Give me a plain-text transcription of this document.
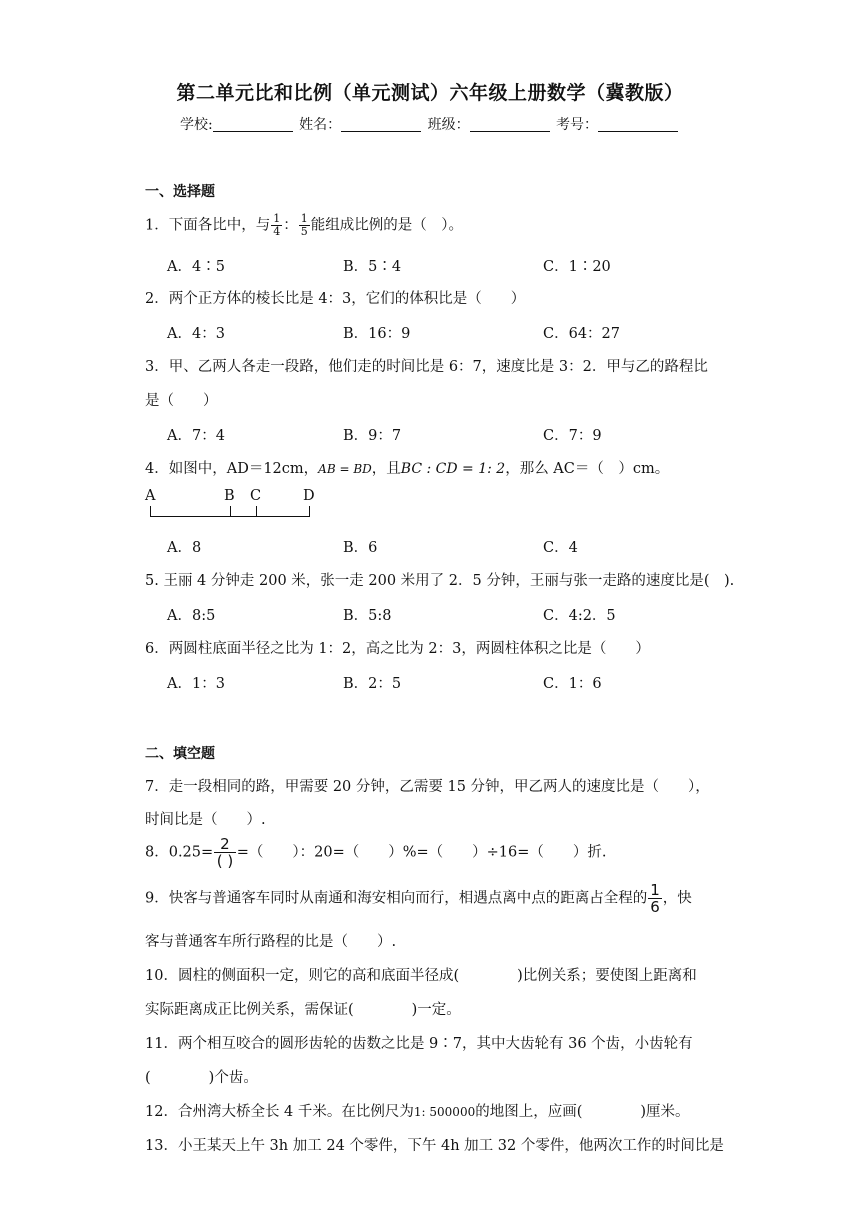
第二单元比和比例（单元测试）六年级上册数学（冀教版）
学校:	姓名：	班级：	考号：
一、选择题
1．下面各比中，与 $\frac{1}{4}$ ： $\frac{1}{5}$ 能组成比例的是（　）。
A．4∶5	B．5∶4	C．1∶20
2．两个正方体的棱长比是 4：3，它们的体积比是（　　）
A．4：3	B．16：9	C．64：27
3．甲、乙两人各走一段路，他们走的时间比是 6：7，速度比是 3：2．甲与乙的路程比
是（　　）
A．7：4	B．9：7	C．7：9
4．如图中，AD＝12cm，AB = BD，且BC : CD = 1: 2，那么 AC＝（　）cm。
A	B C	D
A．8	B．6	C．4
5. 王丽 4 分钟走 200 米，张一走 200 米用了 2．5 分钟，王丽与张一走路的速度比是(　).
A．8:5	B．5:8	C．4:2．5
6．两圆柱底面半径之比为 1：2，高之比为 2：3，两圆柱体积之比是（　　）
A．1：3	B．2：5	C．1：6
二、填空题
7．走一段相同的路，甲需要 20 分钟，乙需要 15 分钟，甲乙两人的速度比是（　　），
时间比是（　　）.
8．$0.25= \frac{2}{( )}$ =（　　）：20=（　　）%=（　　）÷16=（　　）折.
9．快客与普通客车同时从南通和海安相向而行，相遇点离中点的距离占全程的 $\frac{1}{6}$ ，快
客与普通客车所行路程的比是（　　）.
10．圆柱的侧面积一定，则它的高和底面半径成(　　　　)比例关系；要使图上距离和
实际距离成正比例关系，需保证(　　　　)一定。
11．两个相互咬合的圆形齿轮的齿数之比是 9∶7，其中大齿轮有 36 个齿，小齿轮有
(　　　　)个齿。
12．合州湾大桥全长 4 千米。在比例尺为1: 500000的地图上，应画(　　　　)厘米。
13．小王某天上午 3h 加工 24 个零件，下午 4h 加工 32 个零件，他两次工作的时间比是
